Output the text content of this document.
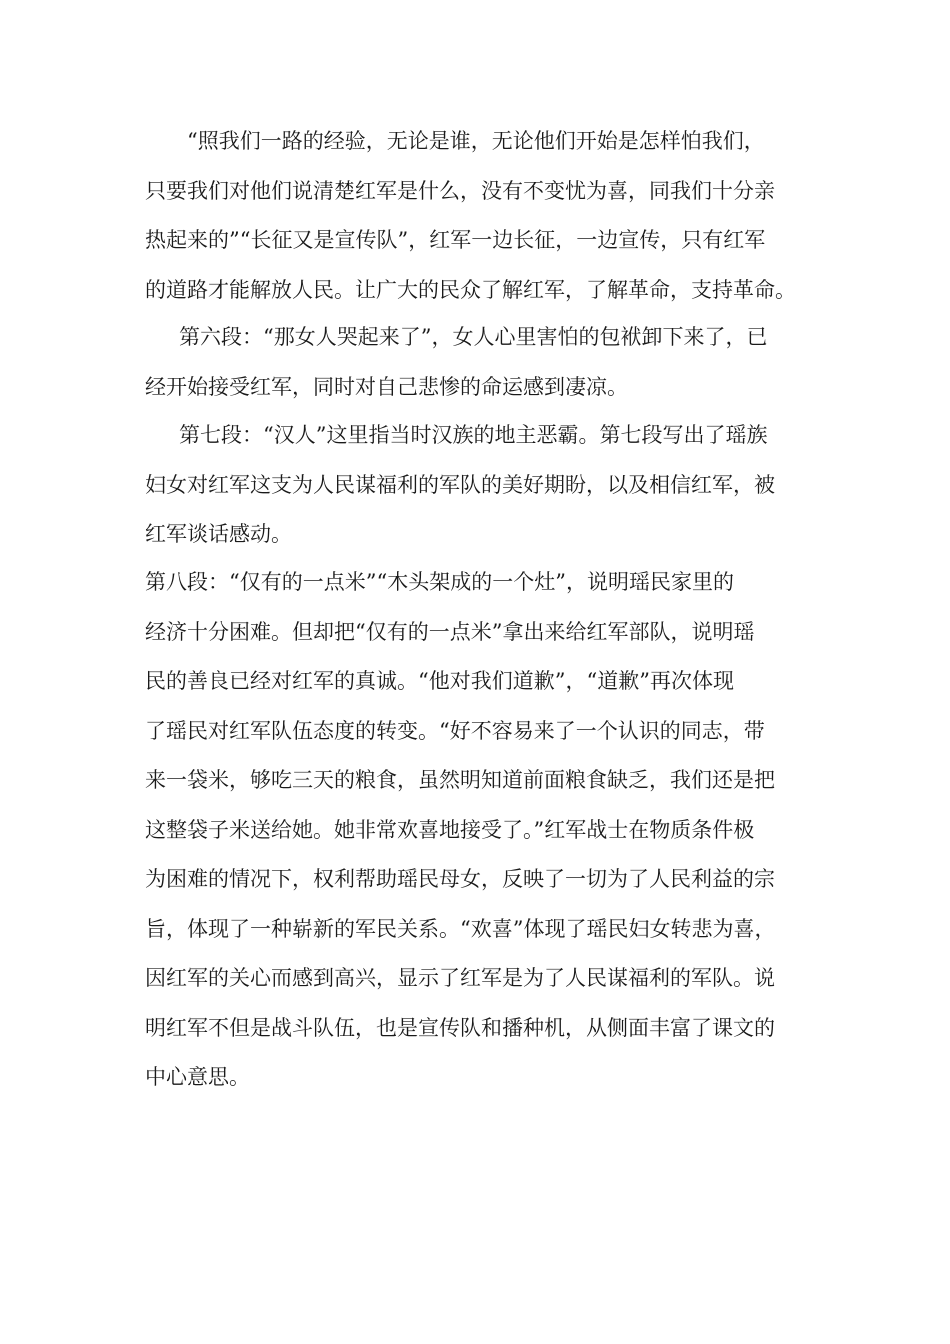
“照我们一路的经验，无论是谁，无论他们开始是怎样怕我们，

只要我们对他们说清楚红军是什么，没有不变忧为喜，同我们十分亲

热起来的”“长征又是宣传队”，红军一边长征，一边宣传，只有红军

的道路才能解放人民。让广大的民众了解红军，了解革命，支持革命。

第六段：“那女人哭起来了”，女人心里害怕的包袱卸下来了，已

经开始接受红军，同时对自己悲惨的命运感到凄凉。

第七段：“汉人”这里指当时汉族的地主恶霸。第七段写出了瑶族

妇女对红军这支为人民谋福利的军队的美好期盼，以及相信红军，被

红军谈话感动。

第八段：“仅有的一点米”“木头架成的一个灶”，说明瑶民家里的

经济十分困难。但却把“仅有的一点米”拿出来给红军部队，说明瑶

民的善良已经对红军的真诚。“他对我们道歉”，“道歉”再次体现

了瑶民对红军队伍态度的转变。“好不容易来了一个认识的同志，带

来一袋米，够吃三天的粮食，虽然明知道前面粮食缺乏，我们还是把

这整袋子米送给她。她非常欢喜地接受了。”红军战士在物质条件极

为困难的情况下，权利帮助瑶民母女，反映了一切为了人民利益的宗

旨，体现了一种崭新的军民关系。“欢喜”体现了瑶民妇女转悲为喜，

因红军的关心而感到高兴，显示了红军是为了人民谋福利的军队。说

明红军不但是战斗队伍，也是宣传队和播种机，从侧面丰富了课文的

中心意思。
